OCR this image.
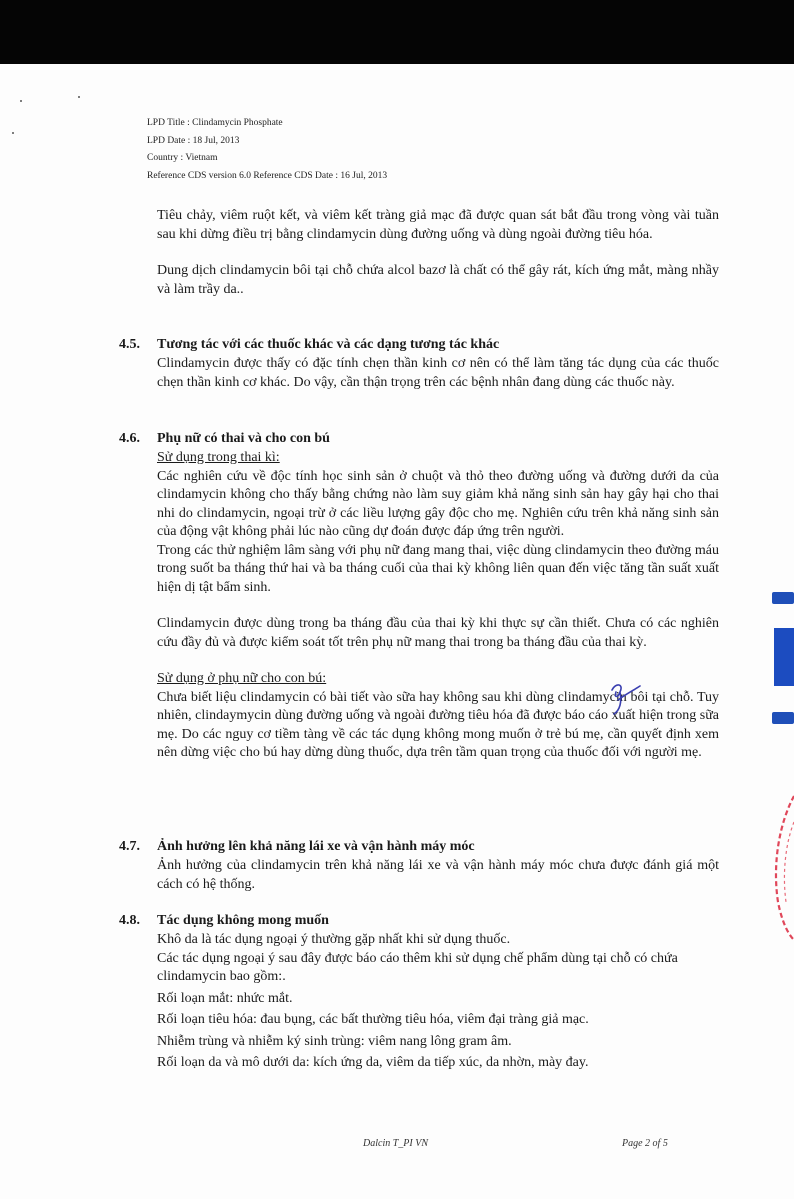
LPD Title : Clindamycin Phosphate
LPD Date : 18 Jul, 2013
Country : Vietnam
Reference CDS version 6.0 Reference CDS Date : 16 Jul, 2013

Tiêu chảy, viêm ruột kết, và viêm kết tràng giả mạc đã được quan sát bắt đầu trong vòng vài tuần sau khi dừng điều trị bằng clindamycin dùng đường uống và dùng ngoài đường tiêu hóa.

Dung dịch clindamycin bôi tại chỗ chứa alcol bazơ là chất có thể gây rát, kích ứng mắt, màng nhầy và làm trầy da..

4.5. Tương tác với các thuốc khác và các dạng tương tác khác

Clindamycin được thấy có đặc tính chẹn thần kinh cơ nên có thể làm tăng tác dụng của các thuốc chẹn thần kinh cơ khác. Do vậy, cần thận trọng trên các bệnh nhân đang dùng các thuốc này.

4.6. Phụ nữ có thai và cho con bú

Sử dụng trong thai kì:

Các nghiên cứu về độc tính học sinh sản ở chuột và thỏ theo đường uống và đường dưới da của clindamycin không cho thấy bằng chứng nào làm suy giảm khả năng sinh sản hay gây hại cho thai nhi do clindamycin, ngoại trừ ở các liều lượng gây độc cho mẹ. Nghiên cứu trên khả năng sinh sản của động vật không phải lúc nào cũng dự đoán được đáp ứng trên người.

Trong các thử nghiệm lâm sàng với phụ nữ đang mang thai, việc dùng clindamycin theo đường máu trong suốt ba tháng thứ hai và ba tháng cuối của thai kỳ không liên quan đến việc tăng tần suất xuất hiện dị tật bẩm sinh.

Clindamycin được dùng trong ba tháng đầu của thai kỳ khi thực sự cần thiết. Chưa có các nghiên cứu đầy đủ và được kiểm soát tốt trên phụ nữ mang thai trong ba tháng đầu của thai kỳ.

Sử dụng ở phụ nữ cho con bú:

Chưa biết liệu clindamycin có bài tiết vào sữa hay không sau khi dùng clindamycin bôi tại chỗ. Tuy nhiên, clindaymycin dùng đường uống và ngoài đường tiêu hóa đã được báo cáo xuất hiện trong sữa mẹ. Do các nguy cơ tiềm tàng về các tác dụng không mong muốn ở trẻ bú mẹ, cần quyết định xem nên dừng việc cho bú hay dừng dùng thuốc, dựa trên tầm quan trọng của thuốc đối với người mẹ.

4.7. Ảnh hưởng lên khả năng lái xe và vận hành máy móc

Ảnh hưởng của clindamycin trên khả năng lái xe và vận hành máy móc chưa được đánh giá một cách có hệ thống.

4.8. Tác dụng không mong muốn

Khô da là tác dụng ngoại ý thường gặp nhất khi sử dụng thuốc.

Các tác dụng ngoại ý sau đây được báo cáo thêm khi sử dụng chế phẩm dùng tại chỗ có chứa clindamycin bao gồm:.

Rối loạn mắt: nhức mắt.

Rối loạn tiêu hóa: đau bụng, các bất thường tiêu hóa, viêm đại tràng giả mạc.

Nhiễm trùng và nhiễm ký sinh trùng: viêm nang lông gram âm.

Rối loạn da và mô dưới da: kích ứng da, viêm da tiếp xúc, da nhờn, mày đay.

Dalcin T_PI VN	Page 2 of 5
